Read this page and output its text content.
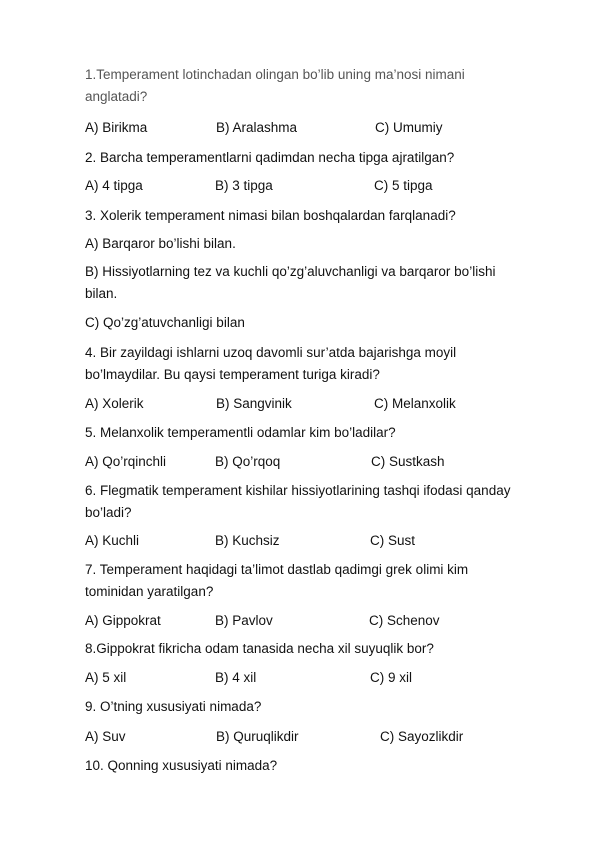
1.Temperament lotinchadan olingan bo’lib uning ma’nosi nimani
anglatadi?
A) Birikma	B) Aralashma	C) Umumiy
2. Barcha temperamentlarni qadimdan necha tipga ajratilgan?
A) 4 tipga	B) 3 tipga	C) 5 tipga
3. Xolerik temperament nimasi bilan boshqalardan farqlanadi?
A) Barqaror bo’lishi bilan.
B) Hissiyotlarning tez va kuchli qo’zg’aluvchanligi va barqaror bo’lishi
bilan.
C) Qo’zg’atuvchanligi bilan
4. Bir zayildagi ishlarni uzoq davomli sur’atda bajarishga moyil
bo’lmaydilar. Bu qaysi temperament turiga kiradi?
A) Xolerik	B) Sangvinik	C) Melanxolik
5. Melanxolik temperamentli odamlar kim bo’ladilar?
A) Qo’rqinchli	B) Qo’rqoq	C) Sustkash
6. Flegmatik temperament kishilar hissiyotlarining tashqi ifodasi qanday
bo’ladi?
A) Kuchli	B) Kuchsiz	C) Sust
7. Temperament haqidagi ta’limot dastlab qadimgi grek olimi kim
tominidan yaratilgan?
A) Gippokrat	B) Pavlov	C) Schenov
8.Gippokrat fikricha odam tanasida necha xil suyuqlik bor?
A) 5 xil	B) 4 xil	C) 9 xil
9. O’tning xususiyati nimada?
A) Suv	B) Quruqlikdir	C) Sayozlikdir
10. Qonning xususiyati nimada?
